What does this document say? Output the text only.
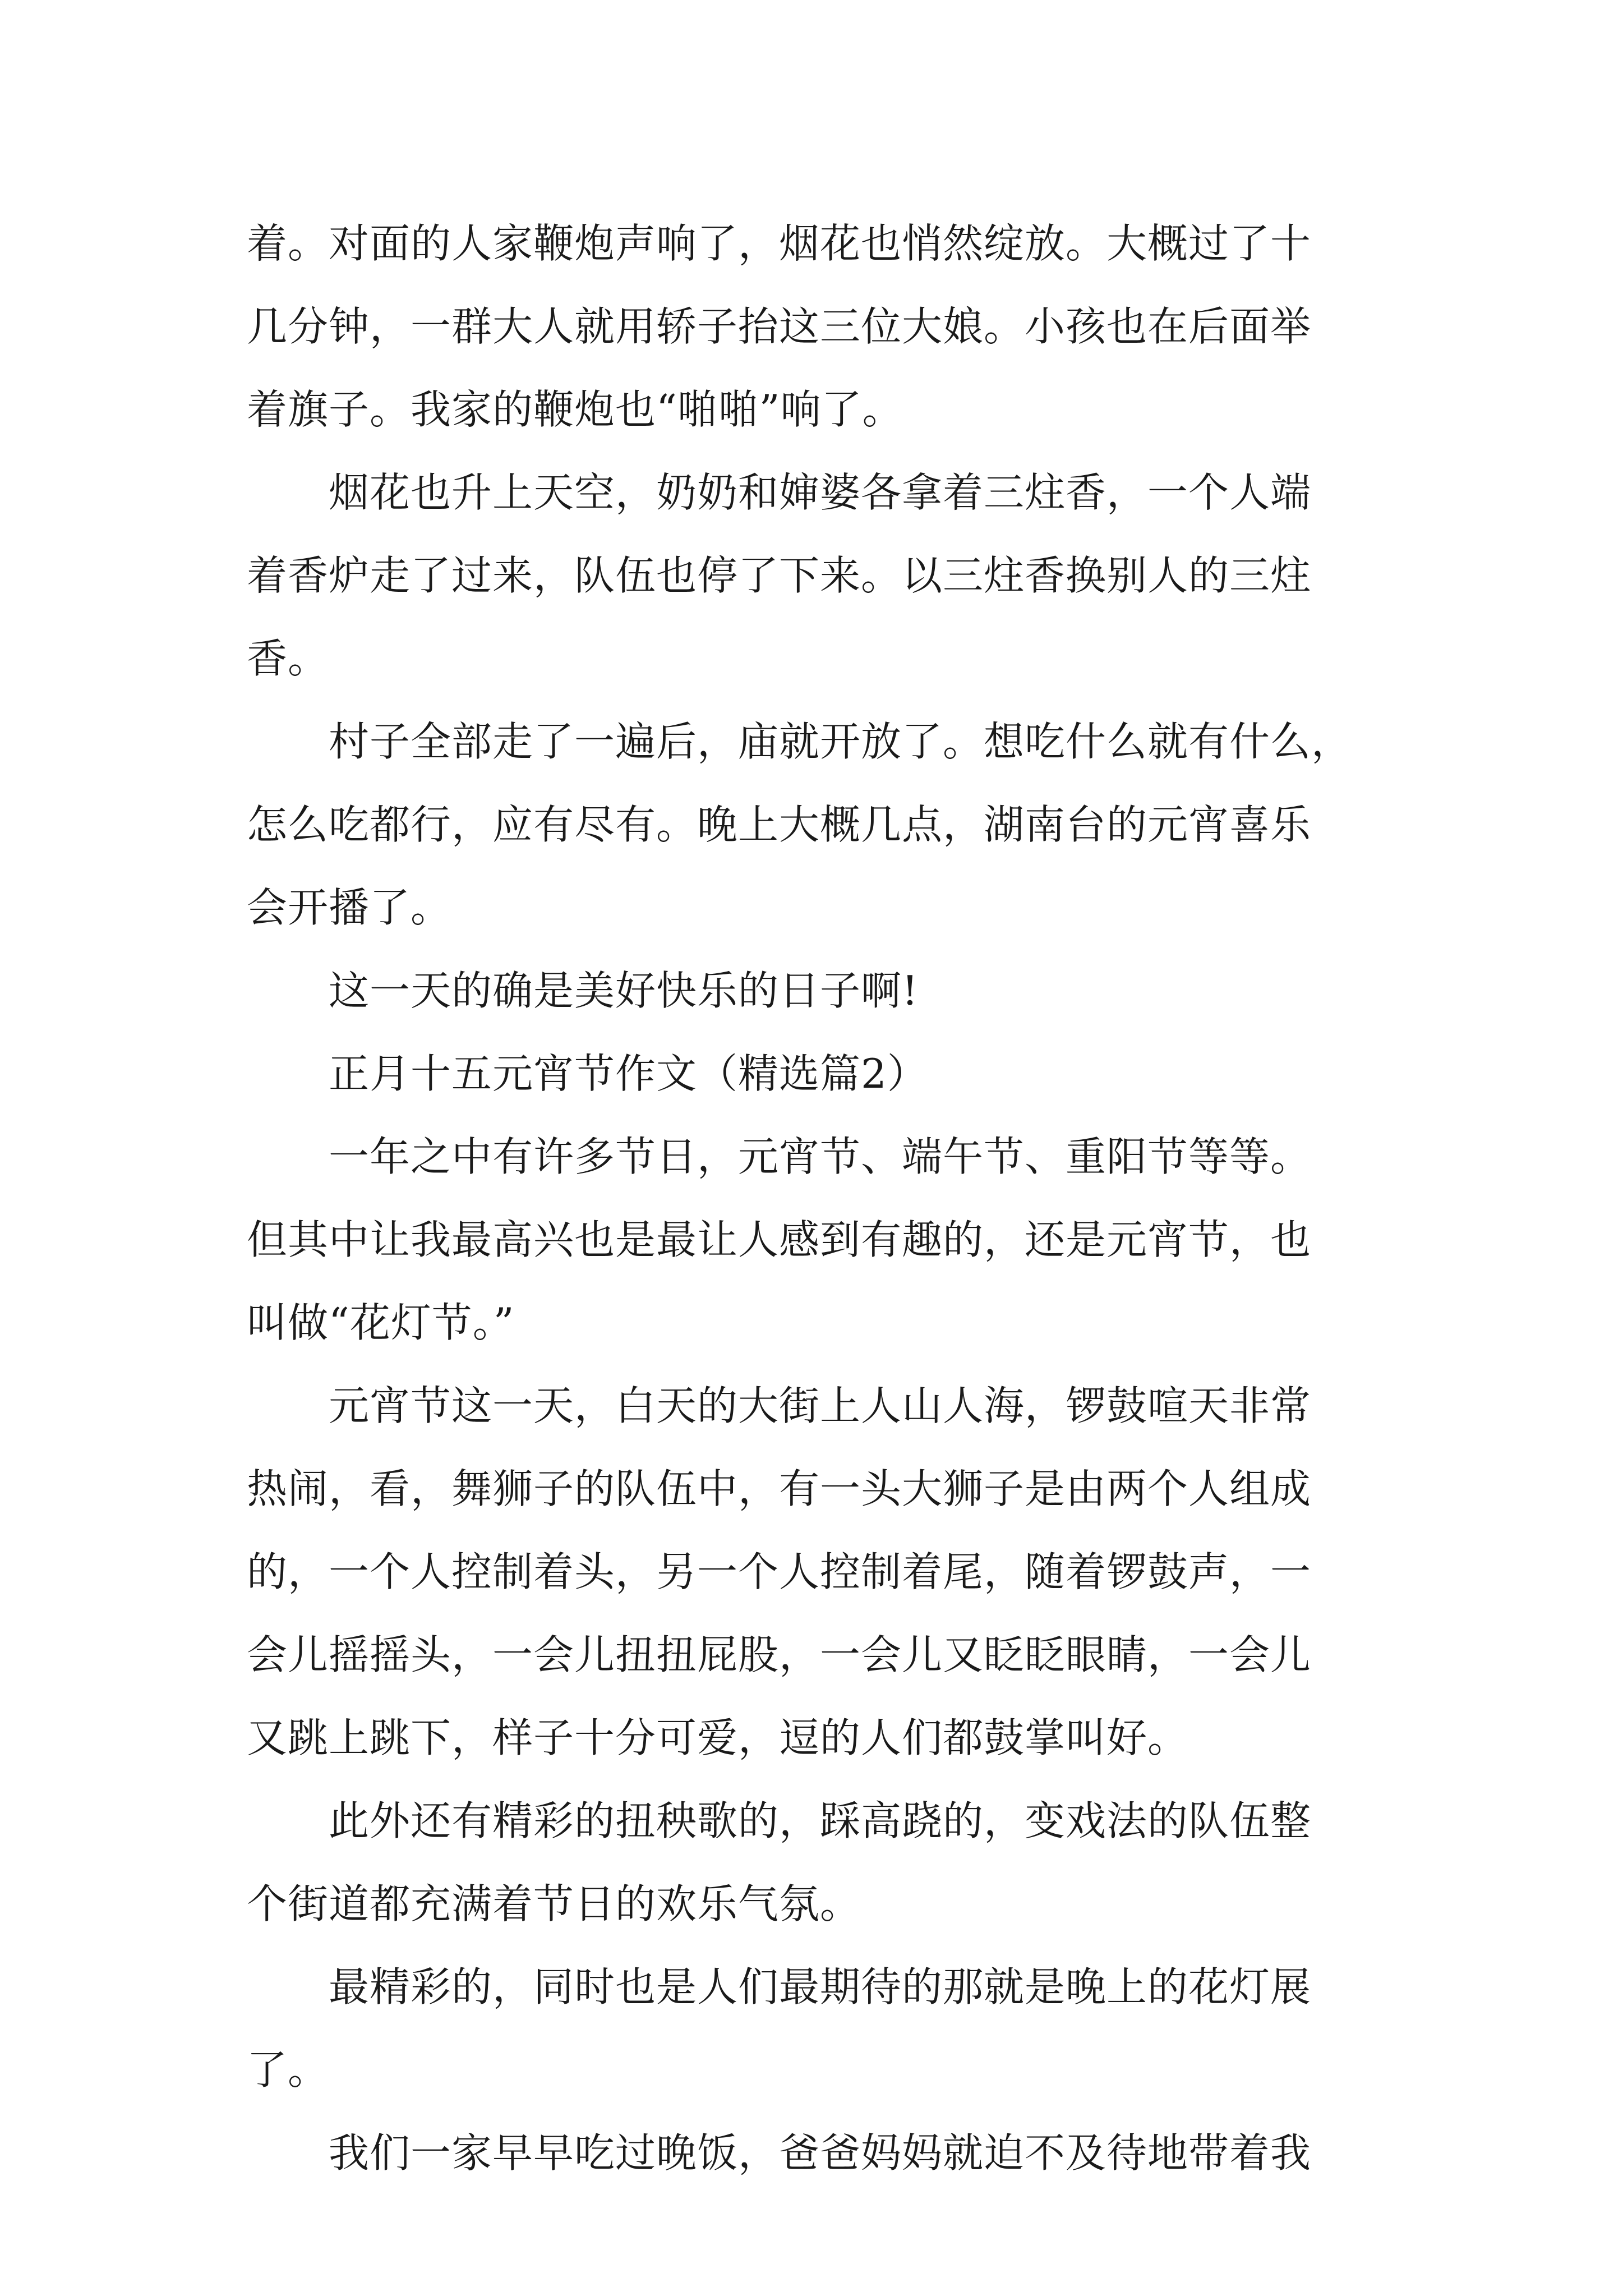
着。对面的人家鞭炮声响了，烟花也悄然绽放。大概过了十
几分钟，一群大人就用轿子抬这三位大娘。小孩也在后面举
着旗子。我家的鞭炮也“啪啪”响了。
　　烟花也升上天空，奶奶和婶婆各拿着三炷香，一个人端
着香炉走了过来，队伍也停了下来。以三炷香换别人的三炷
香。
　　村子全部走了一遍后，庙就开放了。想吃什么就有什么，
怎么吃都行，应有尽有。晚上大概几点，湖南台的元宵喜乐
会开播了。
　　这一天的确是美好快乐的日子啊!
　　正月十五元宵节作文（精选篇2）
　　一年之中有许多节日，元宵节、端午节、重阳节等等。
但其中让我最高兴也是最让人感到有趣的，还是元宵节，也
叫做“花灯节。”
　　元宵节这一天，白天的大街上人山人海，锣鼓喧天非常
热闹，看，舞狮子的队伍中，有一头大狮子是由两个人组成
的，一个人控制着头，另一个人控制着尾，随着锣鼓声，一
会儿摇摇头，一会儿扭扭屁股，一会儿又眨眨眼睛，一会儿
又跳上跳下，样子十分可爱，逗的人们都鼓掌叫好。
　　此外还有精彩的扭秧歌的，踩高跷的，变戏法的队伍整
个街道都充满着节日的欢乐气氛。
　　最精彩的，同时也是人们最期待的那就是晚上的花灯展
了。
　　我们一家早早吃过晚饭，爸爸妈妈就迫不及待地带着我
